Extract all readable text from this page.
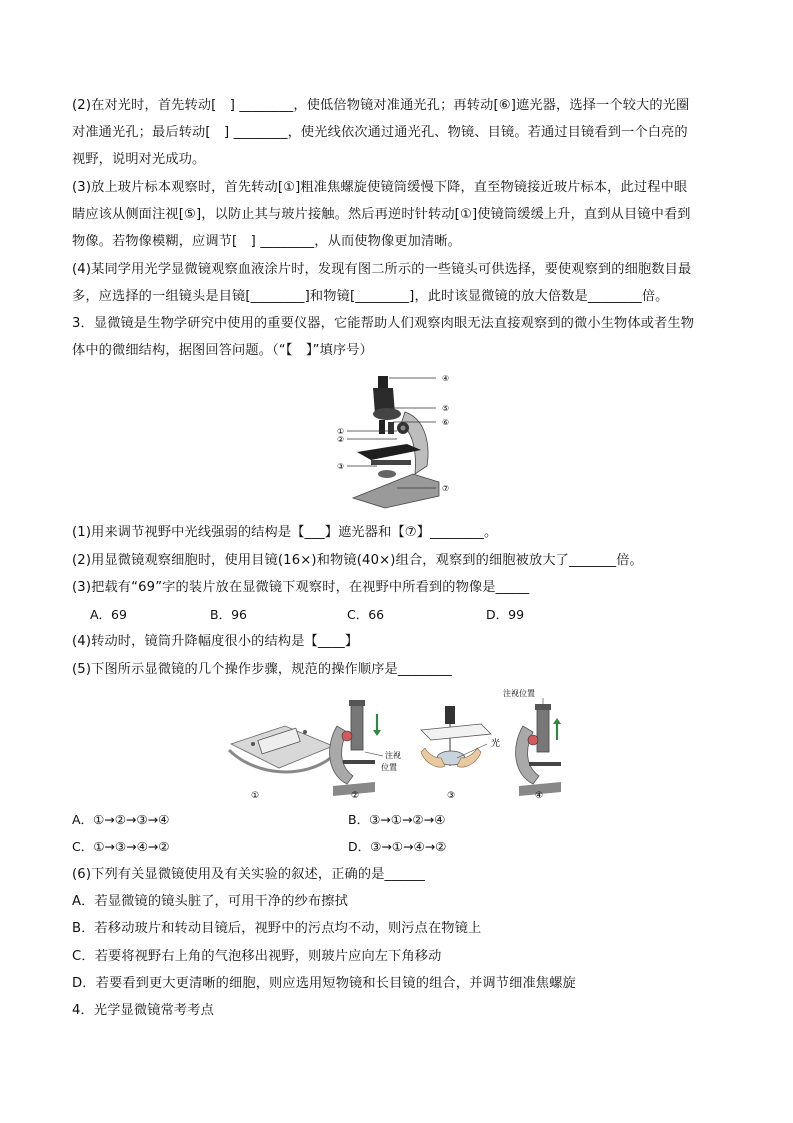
(2)在对光时，首先转动[　] ________，使低倍物镜对准通光孔；再转动[⑥]遮光器，选择一个较大的光圈
对准通光孔；最后转动[　] ________，使光线依次通过通光孔、物镜、目镜。若通过目镜看到一个白亮的
视野，说明对光成功。
(3)放上玻片标本观察时，首先转动[①]粗准焦螺旋使镜筒缓慢下降，直至物镜接近玻片标本，此过程中眼
睛应该从侧面注视[⑤]，以防止其与玻片接触。然后再逆时针转动[①]使镜筒缓缓上升，直到从目镜中看到
物像。若物像模糊，应调节[　] ________，从而使物像更加清晰。
(4)某同学用光学显微镜观察血液涂片时，发现有图二所示的一些镜头可供选择，要使观察到的细胞数目最
多，应选择的一组镜头是目镜[________]和物镜[________]，此时该显微镜的放大倍数是________倍。
3．显微镜是生物学研究中使用的重要仪器，它能帮助人们观察肉眼无法直接观察到的微小生物体或者生物
体中的微细结构，据图回答问题。（“【　】”填序号）
④
⑤
⑥
⑦
①
②
③
(1)用来调节视野中光线强弱的结构是【___】遮光器和【⑦】________。
(2)用显微镜观察细胞时，使用目镜(16×)和物镜(40×)组合，观察到的细胞被放大了_______倍。
(3)把载有“69”字的装片放在显微镜下观察时，在视野中所看到的物像是_____
A．69	B．96	C．66	D．99
(4)转动时，镜筒升降幅度很小的结构是【____】
(5)下图所示显微镜的几个操作步骤，规范的操作顺序是________
①
注视
位置
②
光
③
注视位置
④
A．①→②→③→④	B．③→①→②→④
C．①→③→④→②	D．③→①→④→②
(6)下列有关显微镜使用及有关实验的叙述，正确的是______
A．若显微镜的镜头脏了，可用干净的纱布擦拭
B．若移动玻片和转动目镜后，视野中的污点均不动，则污点在物镜上
C．若要将视野右上角的气泡移出视野，则玻片应向左下角移动
D．若要看到更大更清晰的细胞，则应选用短物镜和长目镜的组合，并调节细准焦螺旋
4．光学显微镜常考考点
